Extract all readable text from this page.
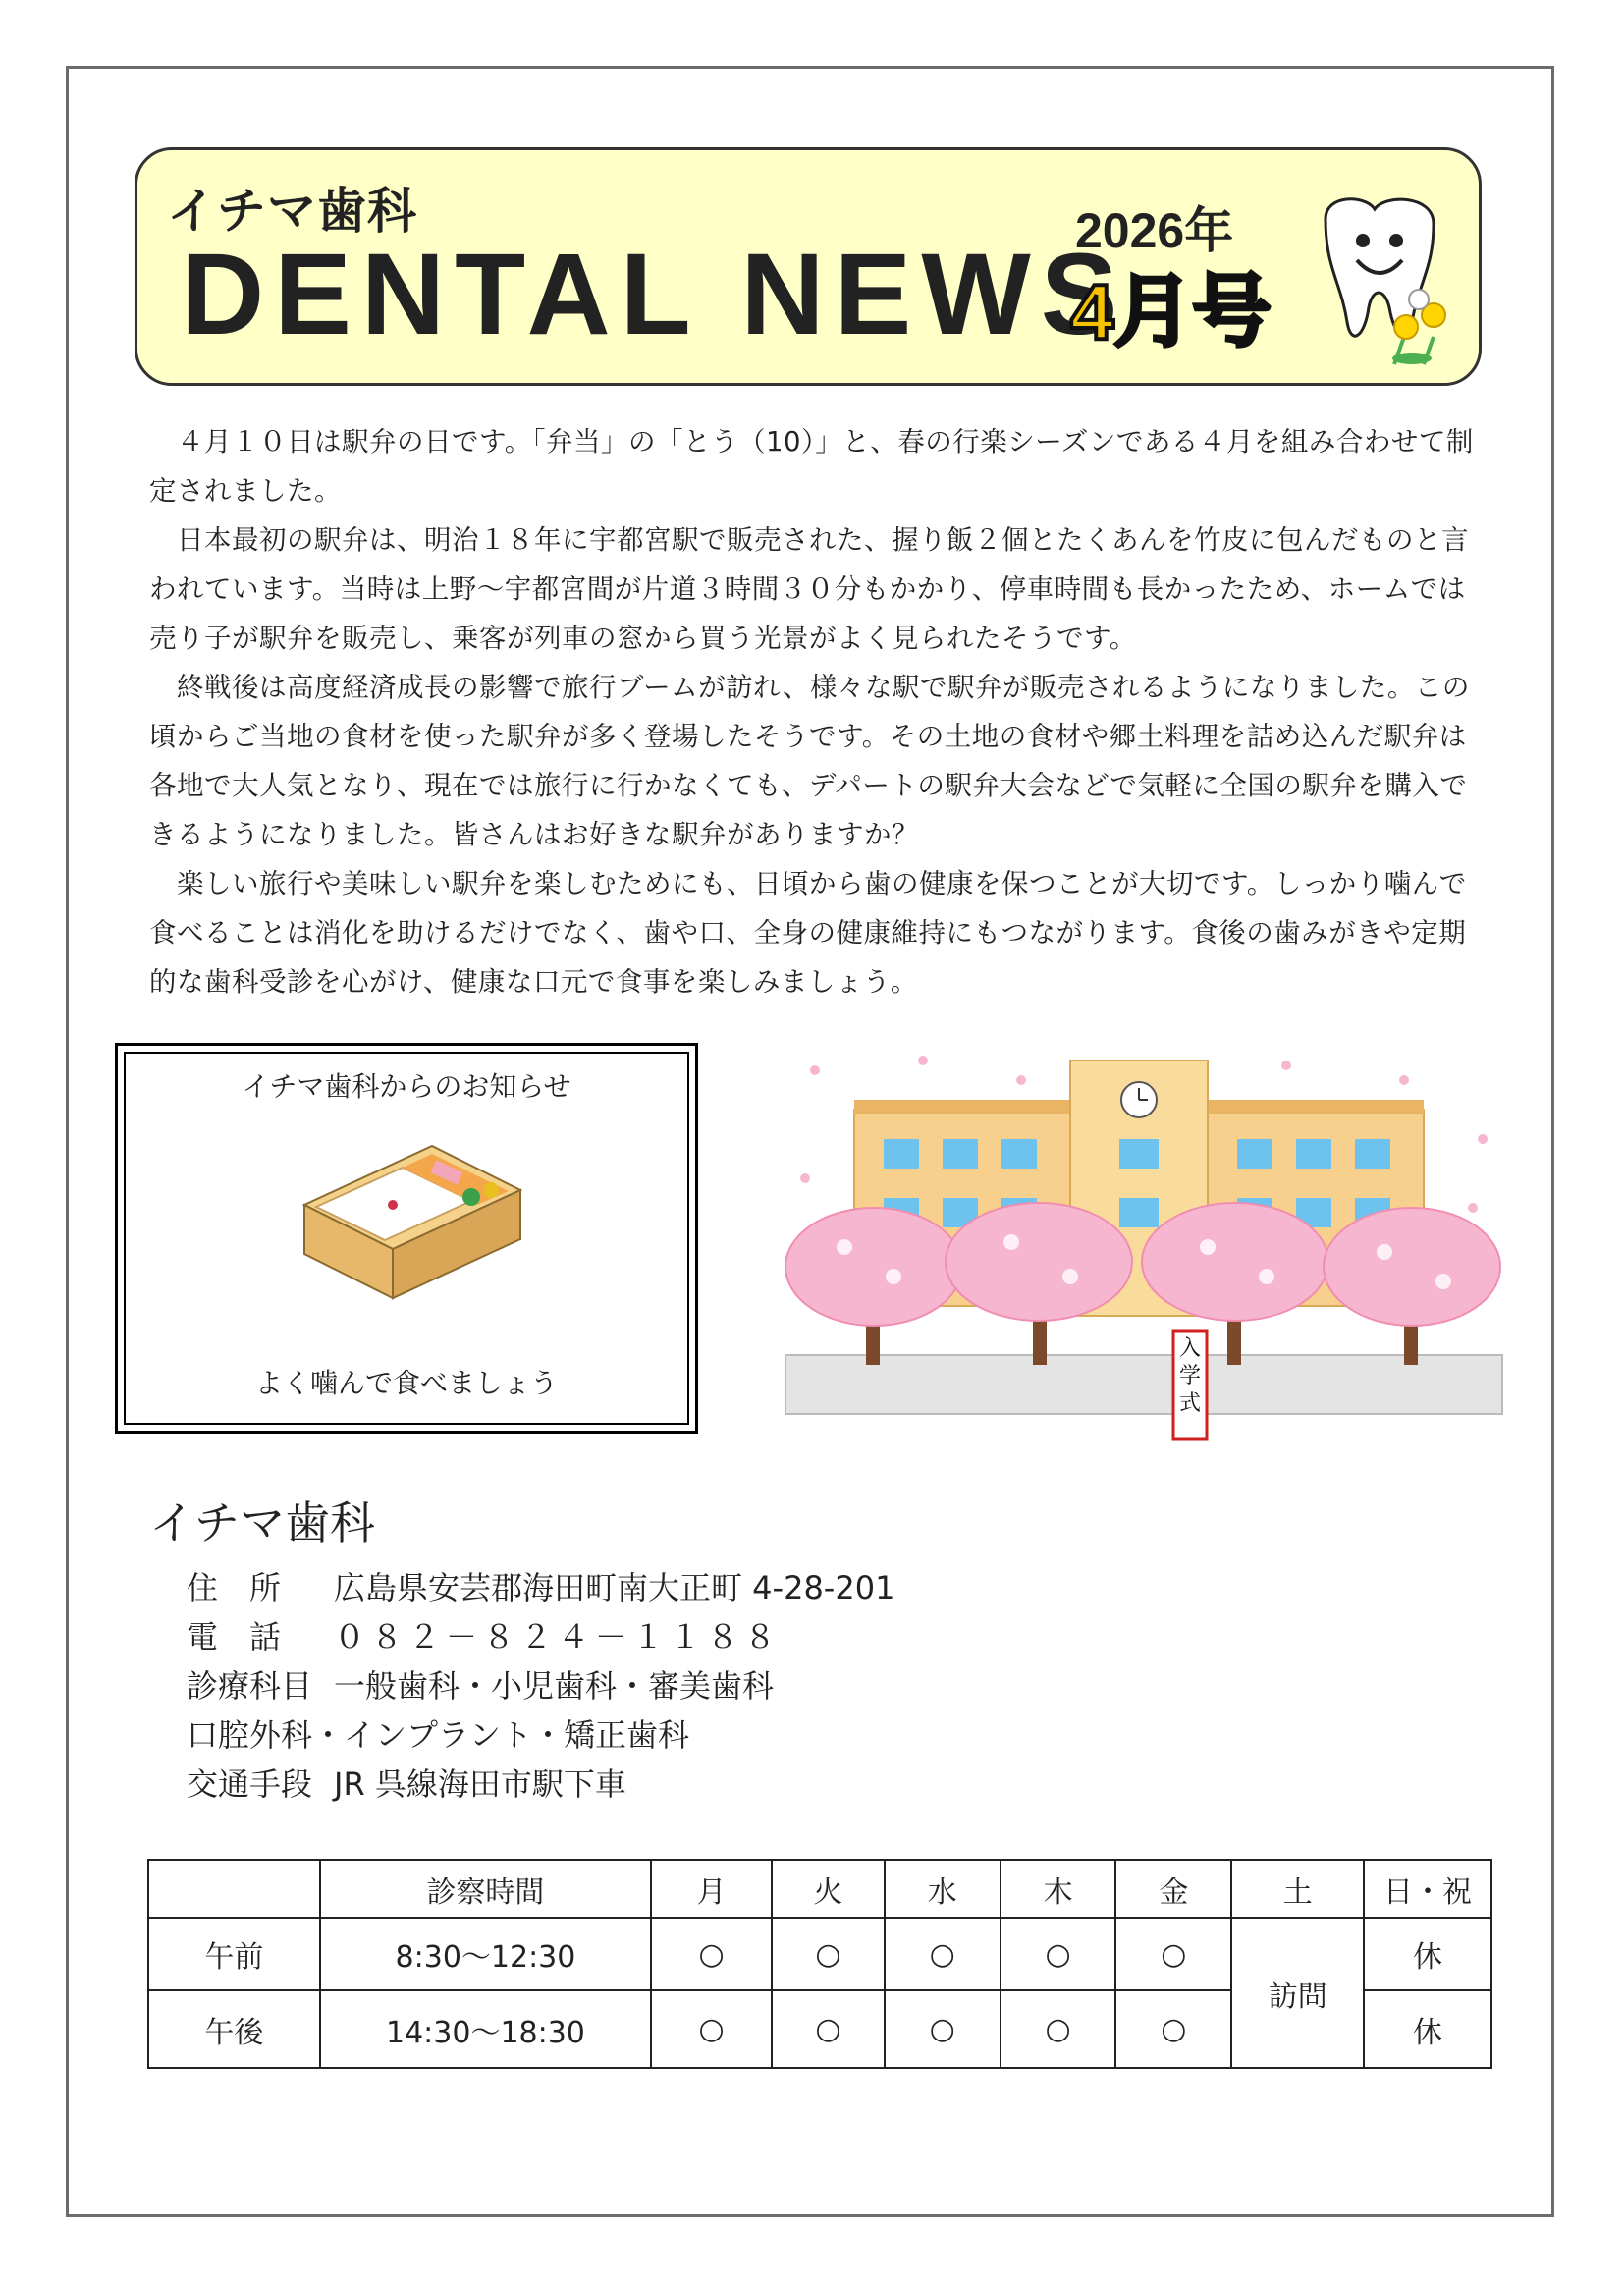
イチマ歯科
DENTAL NEWS
2026年
4月号

４月１０日は駅弁の日です。「弁当」の「とう（10）」と、春の行楽シーズンである４月を組み合わせて制定されました。

日本最初の駅弁は、明治１８年に宇都宮駅で販売された、握り飯２個とたくあんを竹皮に包んだものと言われています。当時は上野～宇都宮間が片道３時間３０分もかかり、停車時間も長かったため、ホームでは売り子が駅弁を販売し、乗客が列車の窓から買う光景がよく見られたそうです。

終戦後は高度経済成長の影響で旅行ブームが訪れ、様々な駅で駅弁が販売されるようになりました。この頃からご当地の食材を使った駅弁が多く登場したそうです。その土地の食材や郷土料理を詰め込んだ駅弁は各地で大人気となり、現在では旅行に行かなくても、デパートの駅弁大会などで気軽に全国の駅弁を購入できるようになりました。皆さんはお好きな駅弁がありますか？

楽しい旅行や美味しい駅弁を楽しむためにも、日頃から歯の健康を保つことが大切です。しっかり噛んで食べることは消化を助けるだけでなく、歯や口、全身の健康維持にもつながります。食後の歯みがきや定期的な歯科受診を心がけ、健康な口元で食事を楽しみましょう。

イチマ歯科からのお知らせ
よく噛んで食べましょう
入
学
式
イチマ歯科
住　所	広島県安芸郡海田町南大正町 4-28-201
電　話	０８２－８２４－１１８８
診療科目 一般歯科・小児歯科・審美歯科
口腔外科・インプラント・矯正歯科
交通手段 JR 呉線海田市駅下車
	診察時間	月	火	水	木	金	土	日・祝
午前	8:30～12:30	○	○	○	○	○	訪問	休
午後	14:30～18:30	○	○	○	○	○		休
